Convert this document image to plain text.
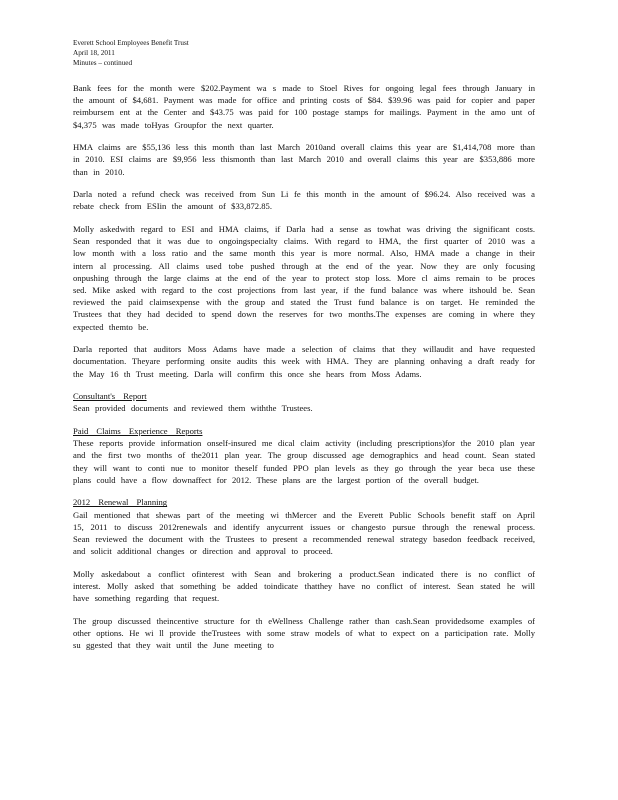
Everett School Employees Benefit Trust
April 18, 2011
Minutes – continued

Bank fees for the month were $202.Payment wa s made to Stoel Rives for ongoing legal fees through January in the amount of $4,681. Payment was made for office and printing costs of $84. $39.96 was paid for copier and paper reimbursem ent at the Center and $43.75 was paid for 100 postage stamps for mailings. Payment in the amo unt of $4,375 was made toHyas Groupfor the next quarter.

HMA claims are $55,136 less this month than last March 2010and overall claims this year are $1,414,708 more than in 2010. ESI claims are $9,956 less thismonth than last March 2010 and overall claims this year are $353,886 more than in 2010.

Darla noted a refund check was received from Sun Li fe this month in the amount of $96.24. Also received was a rebate check from ESIin the amount of $33,872.85.

Molly askedwith regard to ESI and HMA claims, if Darla had a sense as towhat was driving the significant costs. Sean responded that it was due to ongoingspecialty claims. With regard to HMA, the first quarter of 2010 was a low month with a loss ratio and the same month this year is more normal. Also, HMA made a change in their intern al processing. All claims used tobe pushed through at the end of the year. Now they are only focusing onpushing through the large claims at the end of the year to protect stop loss. More cl aims remain to be proces sed. Mike asked with regard to the cost projections from last year, if the fund balance was where itshould be. Sean reviewed the paid claimsexpense with the group and stated the Trust fund balance is on target. He reminded the Trustees that they had decided to spend down the reserves for two months.The expenses are coming in where they expected themto be.

Darla reported that auditors Moss Adams have made a selection of claims that they willaudit and have requested documentation. Theyare performing onsite audits this week with HMA. They are planning onhaving a draft ready for the May 16 th Trust meeting. Darla will confirm this once she hears from Moss Adams.

Consultant's Report

Sean provided documents and reviewed them withthe Trustees.

Paid Claims Experience Reports

These reports provide information onself-insured me dical claim activity (including prescriptions)for the 2010 plan year and the first two months of the2011 plan year. The group discussed age demographics and head count. Sean stated they will want to conti nue to monitor theself funded PPO plan levels as they go through the year beca use these plans could have a flow downaffect for 2012. These plans are the largest portion of the overall budget.

2012 Renewal Planning

Gail mentioned that shewas part of the meeting wi thMercer and the Everett Public Schools benefit staff on April 15, 2011 to discuss 2012renewals and identify anycurrent issues or changesto pursue through the renewal process. Sean reviewed the document with the Trustees to present a recommended renewal strategy basedon feedback received, and solicit additional changes or direction and approval to proceed.

Molly askedabout a conflict ofinterest with Sean and brokering a product.Sean indicated there is no conflict of interest. Molly asked that something be added toindicate thatthey have no conflict of interest. Sean stated he will have something regarding that request.

The group discussed theincentive structure for th eWellness Challenge rather than cash.Sean providedsome examples of other options. He wi ll provide theTrustees with some straw models of what to expect on a participation rate. Molly su ggested that they wait until the June meeting to
